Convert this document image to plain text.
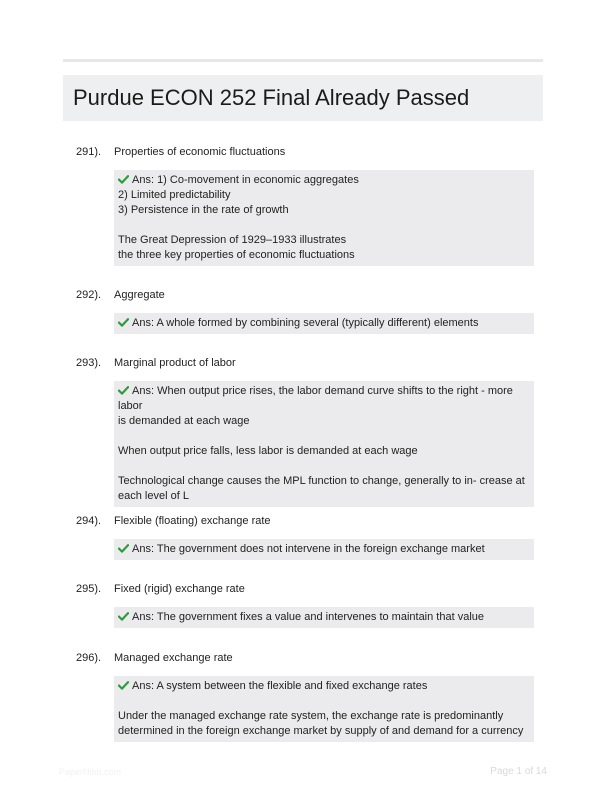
Purdue ECON 252 Final Already Passed
291). Properties of economic fluctuations

Ans: 1) Co-movement in economic aggregates

2) Limited predictability

3) Persistence in the rate of growth

The Great Depression of 1929–1933 illustrates

the three key properties of economic fluctuations

292). Aggregate

Ans: A whole formed by combining several (typically different) elements

293). Marginal product of labor

Ans: When output price rises, the labor demand curve shifts to the right - more labor

is demanded at each wage

When output price falls, less labor is demanded at each wage

Technological change causes the MPL function to change, generally to in- crease at

each level of L

294). Flexible (floating) exchange rate

Ans: The government does not intervene in the foreign exchange market

295). Fixed (rigid) exchange rate

Ans: The government fixes a value and intervenes to maintain that value

296). Managed exchange rate

Ans: A system between the flexible and fixed exchange rates

Under the managed exchange rate system, the exchange rate is predominantly

determined in the foreign exchange market by supply of and demand for a currency

PaperNibb.com	Page 1 of 14
